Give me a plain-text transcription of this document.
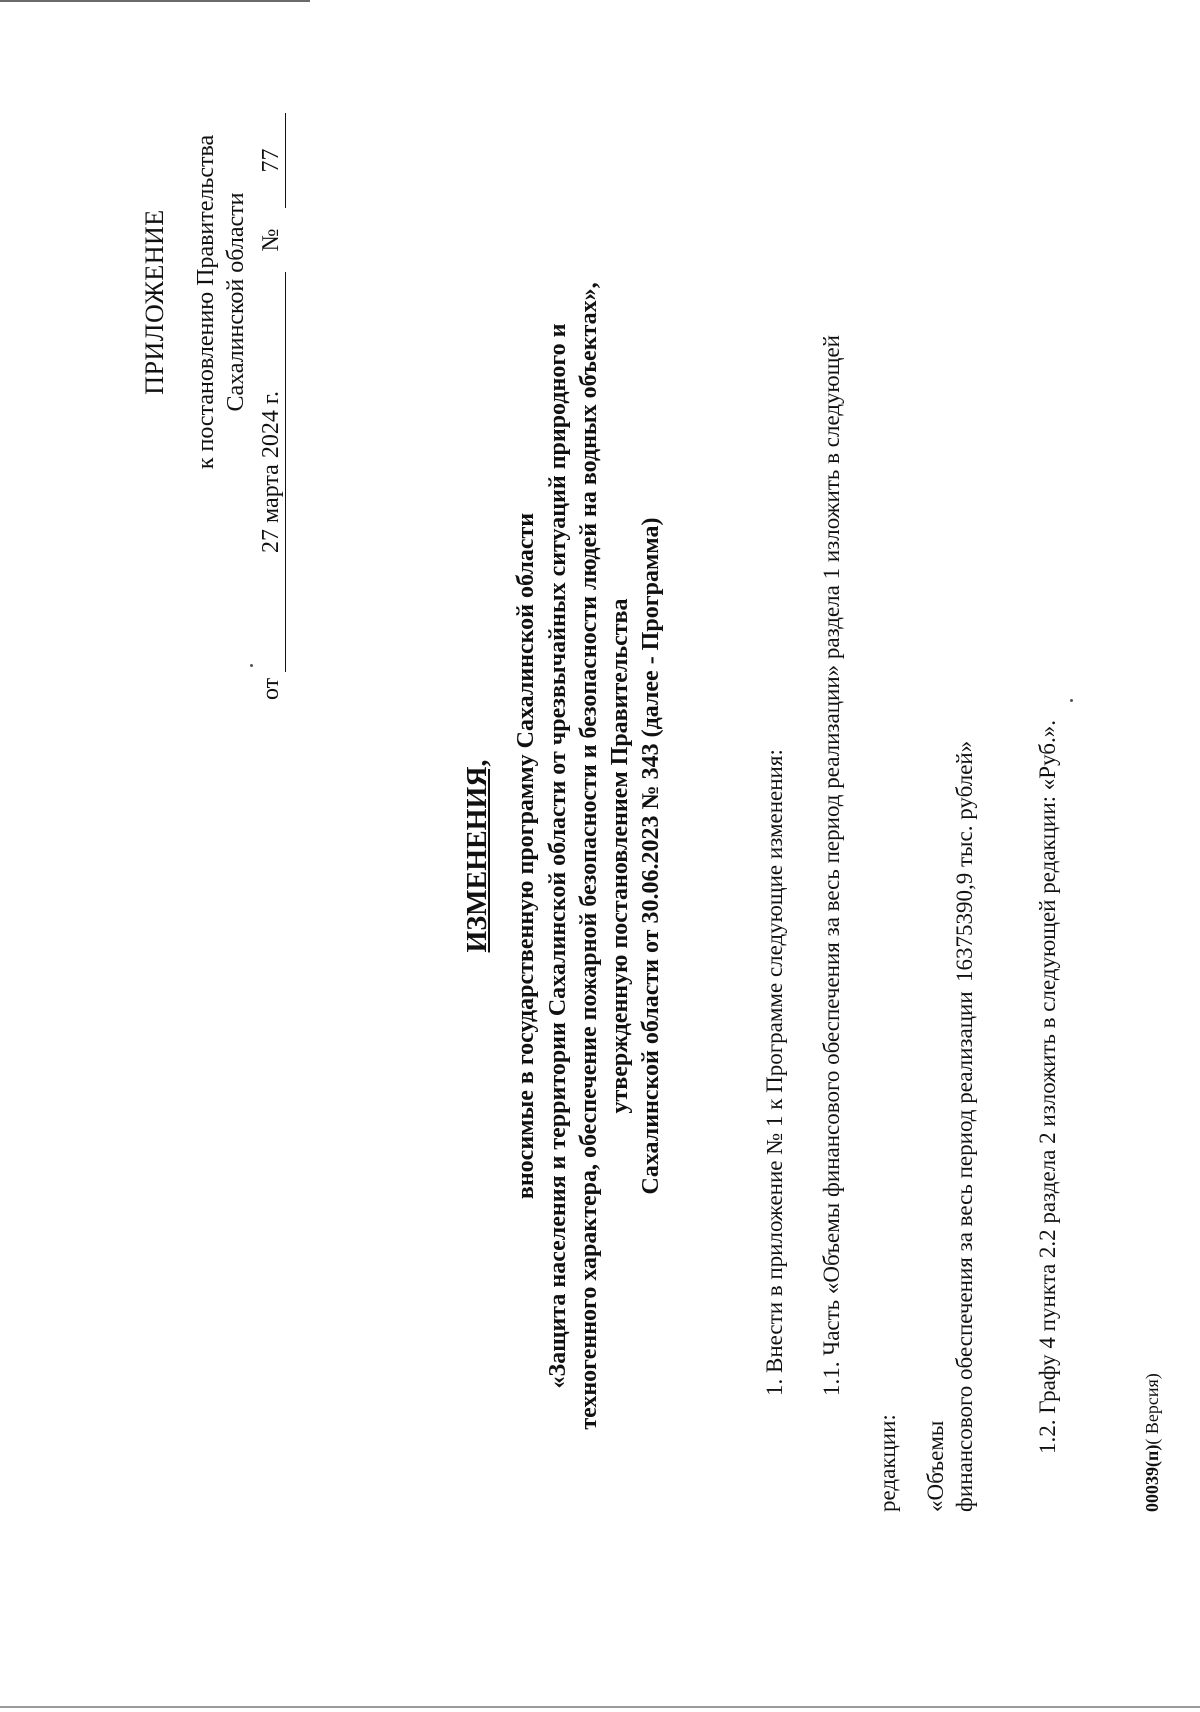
ПРИЛОЖЕНИЕ к постановлению Правительства Сахалинской области
от27 марта 2024 г.№77
ИЗМЕНЕНИЯ, вносимые в государственную программу Сахалинской области «Защита населения и территории Сахалинской области от чрезвычайных ситуаций природного и техногенного характера, обеспечение пожарной безопасности и безопасности людей на водных объектах», утвержденную постановлением Правительства Сахалинской области от 30.06.2023 № 343 (далее - Программа)	1. Внести в приложение № 1 к Программе следующие изменения: 1.1. Часть «Объемы финансового обеспечения за весь период реализации» раздела 1 изложить в следующей
редакции: «Объемы финансового обеспечения за весь период реализации
16375390,9 тыс. рублей»	1.2. Графу 4 пункта 2.2 раздела 2 изложить в следующей редакции: «Руб.».
00039(п)( Версия)
